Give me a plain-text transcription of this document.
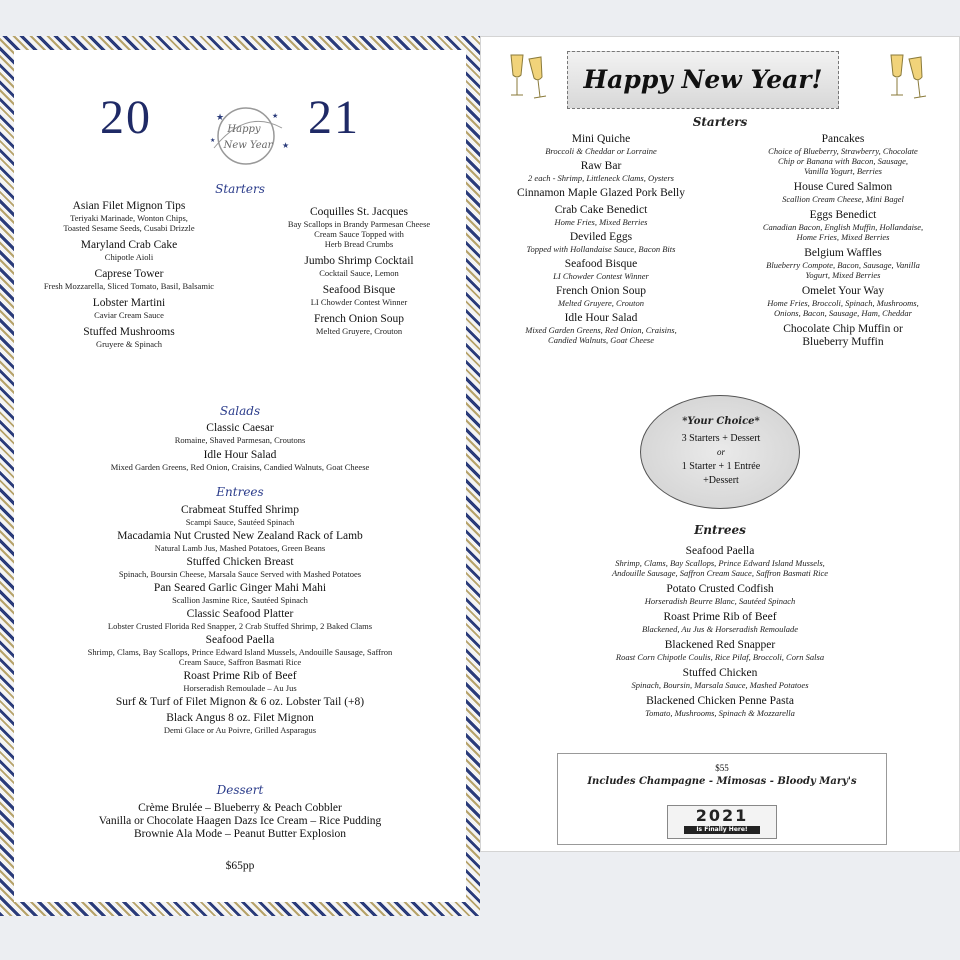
20	21
Happy
New Year
★	★
★
★
Starters
Asian Filet Mignon Tips
Teriyaki Marinade, Wonton Chips,
Toasted Sesame Seeds, Cusabi Drizzle
Maryland Crab Cake
Chipotle Aioli
Caprese Tower
Fresh Mozzarella, Sliced Tomato, Basil, Balsamic
Lobster Martini
Caviar Cream Sauce
Stuffed Mushrooms
Gruyere & Spinach
Coquilles St. Jacques
Bay Scallops in Brandy Parmesan Cheese
Cream Sauce Topped with
Herb Bread Crumbs
Jumbo Shrimp Cocktail
Cocktail Sauce, Lemon
Seafood Bisque
LI Chowder Contest Winner
French Onion Soup
Melted Gruyere, Crouton
Salads
Classic Caesar
Romaine, Shaved Parmesan, Croutons
Idle Hour Salad
Mixed Garden Greens, Red Onion, Craisins, Candied Walnuts, Goat Cheese
Entrees
Crabmeat Stuffed Shrimp
Scampi Sauce, Sautéed Spinach
Macadamia Nut Crusted New Zealand Rack of Lamb
Natural Lamb Jus, Mashed Potatoes, Green Beans
Stuffed Chicken Breast
Spinach, Boursin Cheese, Marsala Sauce Served with Mashed Potatoes
Pan Seared Garlic Ginger Mahi Mahi
Scallion Jasmine Rice, Sautéed Spinach
Classic Seafood Platter
Lobster Crusted Florida Red Snapper, 2 Crab Stuffed Shrimp, 2 Baked Clams
Seafood Paella
Shrimp, Clams, Bay Scallops, Prince Edward Island Mussels, Andouille Sausage, Saffron
Cream Sauce, Saffron Basmati Rice
Roast Prime Rib of Beef
Horseradish Remoulade – Au Jus
Surf & Turf of Filet Mignon & 6 oz. Lobster Tail (+8)
Black Angus 8 oz. Filet Mignon
Demi Glace or Au Poivre, Grilled Asparagus
Dessert
Crème Brulée – Blueberry & Peach Cobbler
Vanilla or Chocolate Haagen Dazs Ice Cream – Rice Pudding
Brownie Ala Mode – Peanut Butter Explosion
$65pp
Happy New Year!
Starters
Mini Quiche
Broccoli & Cheddar or Lorraine
Raw Bar
2 each - Shrimp, Littleneck Clams, Oysters
Cinnamon Maple Glazed Pork Belly
Crab Cake Benedict
Home Fries, Mixed Berries
Deviled Eggs
Topped with Hollandaise Sauce, Bacon Bits
Seafood Bisque
LI Chowder Contest Winner
French Onion Soup
Melted Gruyere, Crouton
Idle Hour Salad
Mixed Garden Greens, Red Onion, Craisins,
Candied Walnuts, Goat Cheese
Pancakes
Choice of Blueberry, Strawberry, Chocolate
Chip or Banana with Bacon, Sausage,
Vanilla Yogurt, Berries
House Cured Salmon
Scallion Cream Cheese, Mini Bagel
Eggs Benedict
Canadian Bacon, English Muffin, Hollandaise,
Home Fries, Mixed Berries
Belgium Waffles
Blueberry Compote, Bacon, Sausage, Vanilla
Yogurt, Mixed Berries
Omelet Your Way
Home Fries, Broccoli, Spinach, Mushrooms,
Onions, Bacon, Sausage, Ham, Cheddar
Chocolate Chip Muffin or
Blueberry Muffin
*Your Choice*
3 Starters + Dessert
or
1 Starter + 1 Entrée
+Dessert
Entrees
Seafood Paella
Shrimp, Clams, Bay Scallops, Prince Edward Island Mussels,
Andouille Sausage, Saffron Cream Sauce, Saffron Basmati Rice
Potato Crusted Codfish
Horseradish Beurre Blanc, Sautéed Spinach
Roast Prime Rib of Beef
Blackened, Au Jus & Horseradish Remoulade
Blackened Red Snapper
Roast Corn Chipotle Coulis, Rice Pilaf, Broccoli, Corn Salsa
Stuffed Chicken
Spinach, Boursin, Marsala Sauce, Mashed Potatoes
Blackened Chicken Penne Pasta
Tomato, Mushrooms, Spinach & Mozzarella
$55
Includes Champagne - Mimosas - Bloody Mary's
2021
Is Finally Here!
